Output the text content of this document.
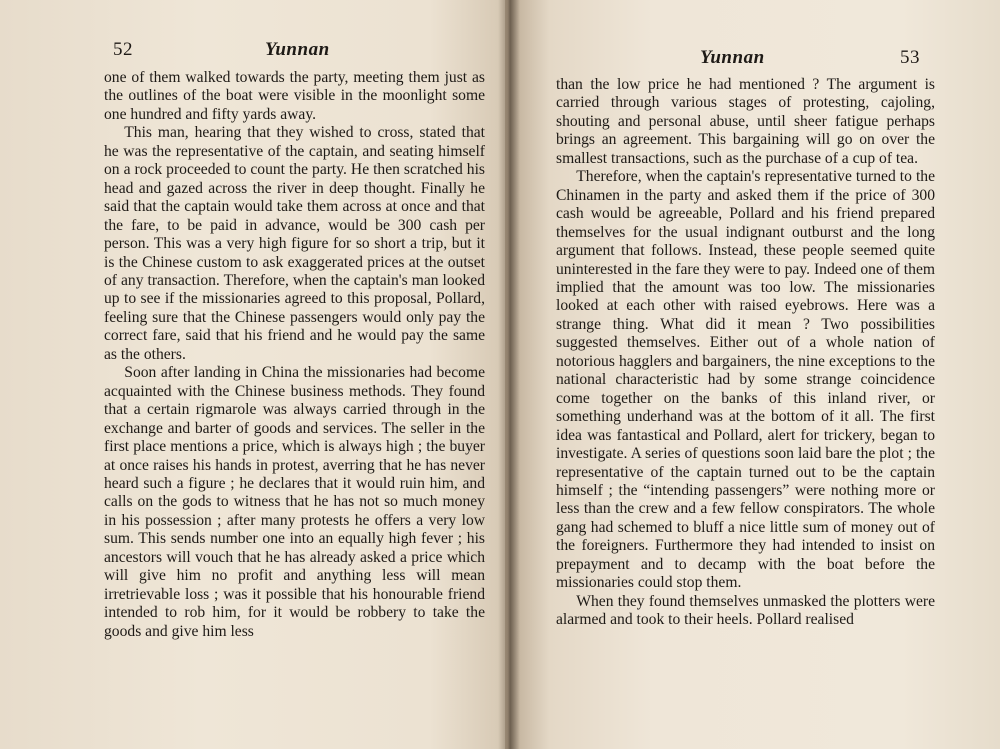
52	Yunnan

one of them walked towards the party, meeting them just as the outlines of the boat were visible in the moonlight some one hundred and fifty yards away.

This man, hearing that they wished to cross, stated that he was the representative of the captain, and seating himself on a rock proceeded to count the party. He then scratched his head and gazed across the river in deep thought. Finally he said that the captain would take them across at once and that the fare, to be paid in advance, would be 300 cash per person. This was a very high figure for so short a trip, but it is the Chinese custom to ask exaggerated prices at the outset of any transaction. Therefore, when the captain's man looked up to see if the missionaries agreed to this proposal, Pollard, feeling sure that the Chinese passengers would only pay the correct fare, said that his friend and he would pay the same as the others.

Soon after landing in China the missionaries had become acquainted with the Chinese business methods. They found that a certain rigmarole was always carried through in the exchange and barter of goods and services. The seller in the first place mentions a price, which is always high ; the buyer at once raises his hands in protest, averring that he has never heard such a figure ; he declares that it would ruin him, and calls on the gods to witness that he has not so much money in his possession ; after many protests he offers a very low sum. This sends number one into an equally high fever ; his ancestors will vouch that he has already asked a price which will give him no profit and anything less will mean irretrievable loss ; was it possible that his honourable friend intended to rob him, for it would be robbery to take the goods and give him less

Yunnan	53

than the low price he had mentioned ? The argument is carried through various stages of protesting, cajoling, shouting and personal abuse, until sheer fatigue perhaps brings an agreement. This bargaining will go on over the smallest transactions, such as the purchase of a cup of tea.

Therefore, when the captain's representative turned to the Chinamen in the party and asked them if the price of 300 cash would be agreeable, Pollard and his friend prepared themselves for the usual indignant outburst and the long argument that follows. Instead, these people seemed quite uninterested in the fare they were to pay. Indeed one of them implied that the amount was too low. The missionaries looked at each other with raised eyebrows. Here was a strange thing. What did it mean ? Two possibilities suggested themselves. Either out of a whole nation of notorious hagglers and bargainers, the nine exceptions to the national characteristic had by some strange coincidence come together on the banks of this inland river, or something underhand was at the bottom of it all. The first idea was fantastical and Pollard, alert for trickery, began to investigate. A series of questions soon laid bare the plot ; the representative of the captain turned out to be the captain himself ; the “intending passengers” were nothing more or less than the crew and a few fellow conspirators. The whole gang had schemed to bluff a nice little sum of money out of the foreigners. Furthermore they had intended to insist on prepayment and to decamp with the boat before the missionaries could stop them.

When they found themselves unmasked the plotters were alarmed and took to their heels. Pollard realised
